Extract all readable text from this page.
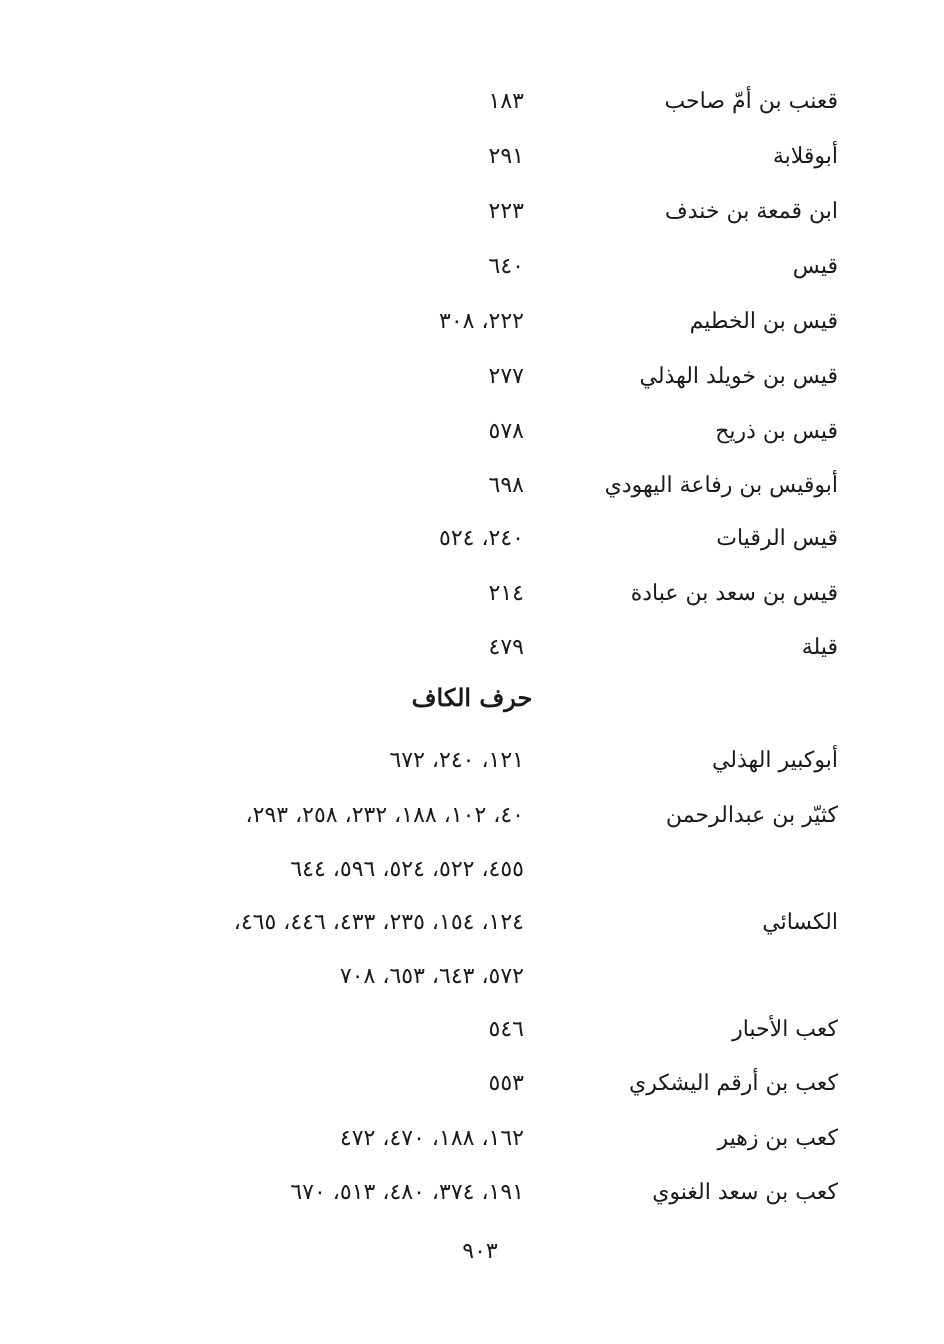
قعنب بن أمّ صاحب
١٨٣
أبوقلابة
٢٩١
ابن قمعة بن خندف
٢٢٣
قيس
٦٤٠
قيس بن الخطيم
٢٢٢، ٣٠٨
قيس بن خويلد الهذلي
٢٧٧
قيس بن ذريح
٥٧٨
أبوقيس بن رفاعة اليهودي
٦٩٨
قيس الرقيات
٢٤٠، ٥٢٤
قيس بن سعد بن عبادة
٢١٤
قيلة
٤٧٩
حرف الكاف
أبوكبير الهذلي
١٢١، ٢٤٠، ٦٧٢
كثيّر بن عبدالرحمن
٤٠، ١٠٢، ١٨٨، ٢٣٢، ٢٥٨، ٢٩٣،
٤٥٥، ٥٢٢، ٥٢٤، ٥٩٦، ٦٤٤
الكسائي
١٢٤، ١٥٤، ٢٣٥، ٤٣٣، ٤٤٦، ٤٦٥،
٥٧٢، ٦٤٣، ٦٥٣، ٧٠٨
كعب الأحبار
٥٤٦
كعب بن أرقم اليشكري
٥٥٣
كعب بن زهير
١٦٢، ١٨٨، ٤٧٠، ٤٧٢
كعب بن سعد الغنوي
١٩١، ٣٧٤، ٤٨٠، ٥١٣، ٦٧٠
٩٠٣
